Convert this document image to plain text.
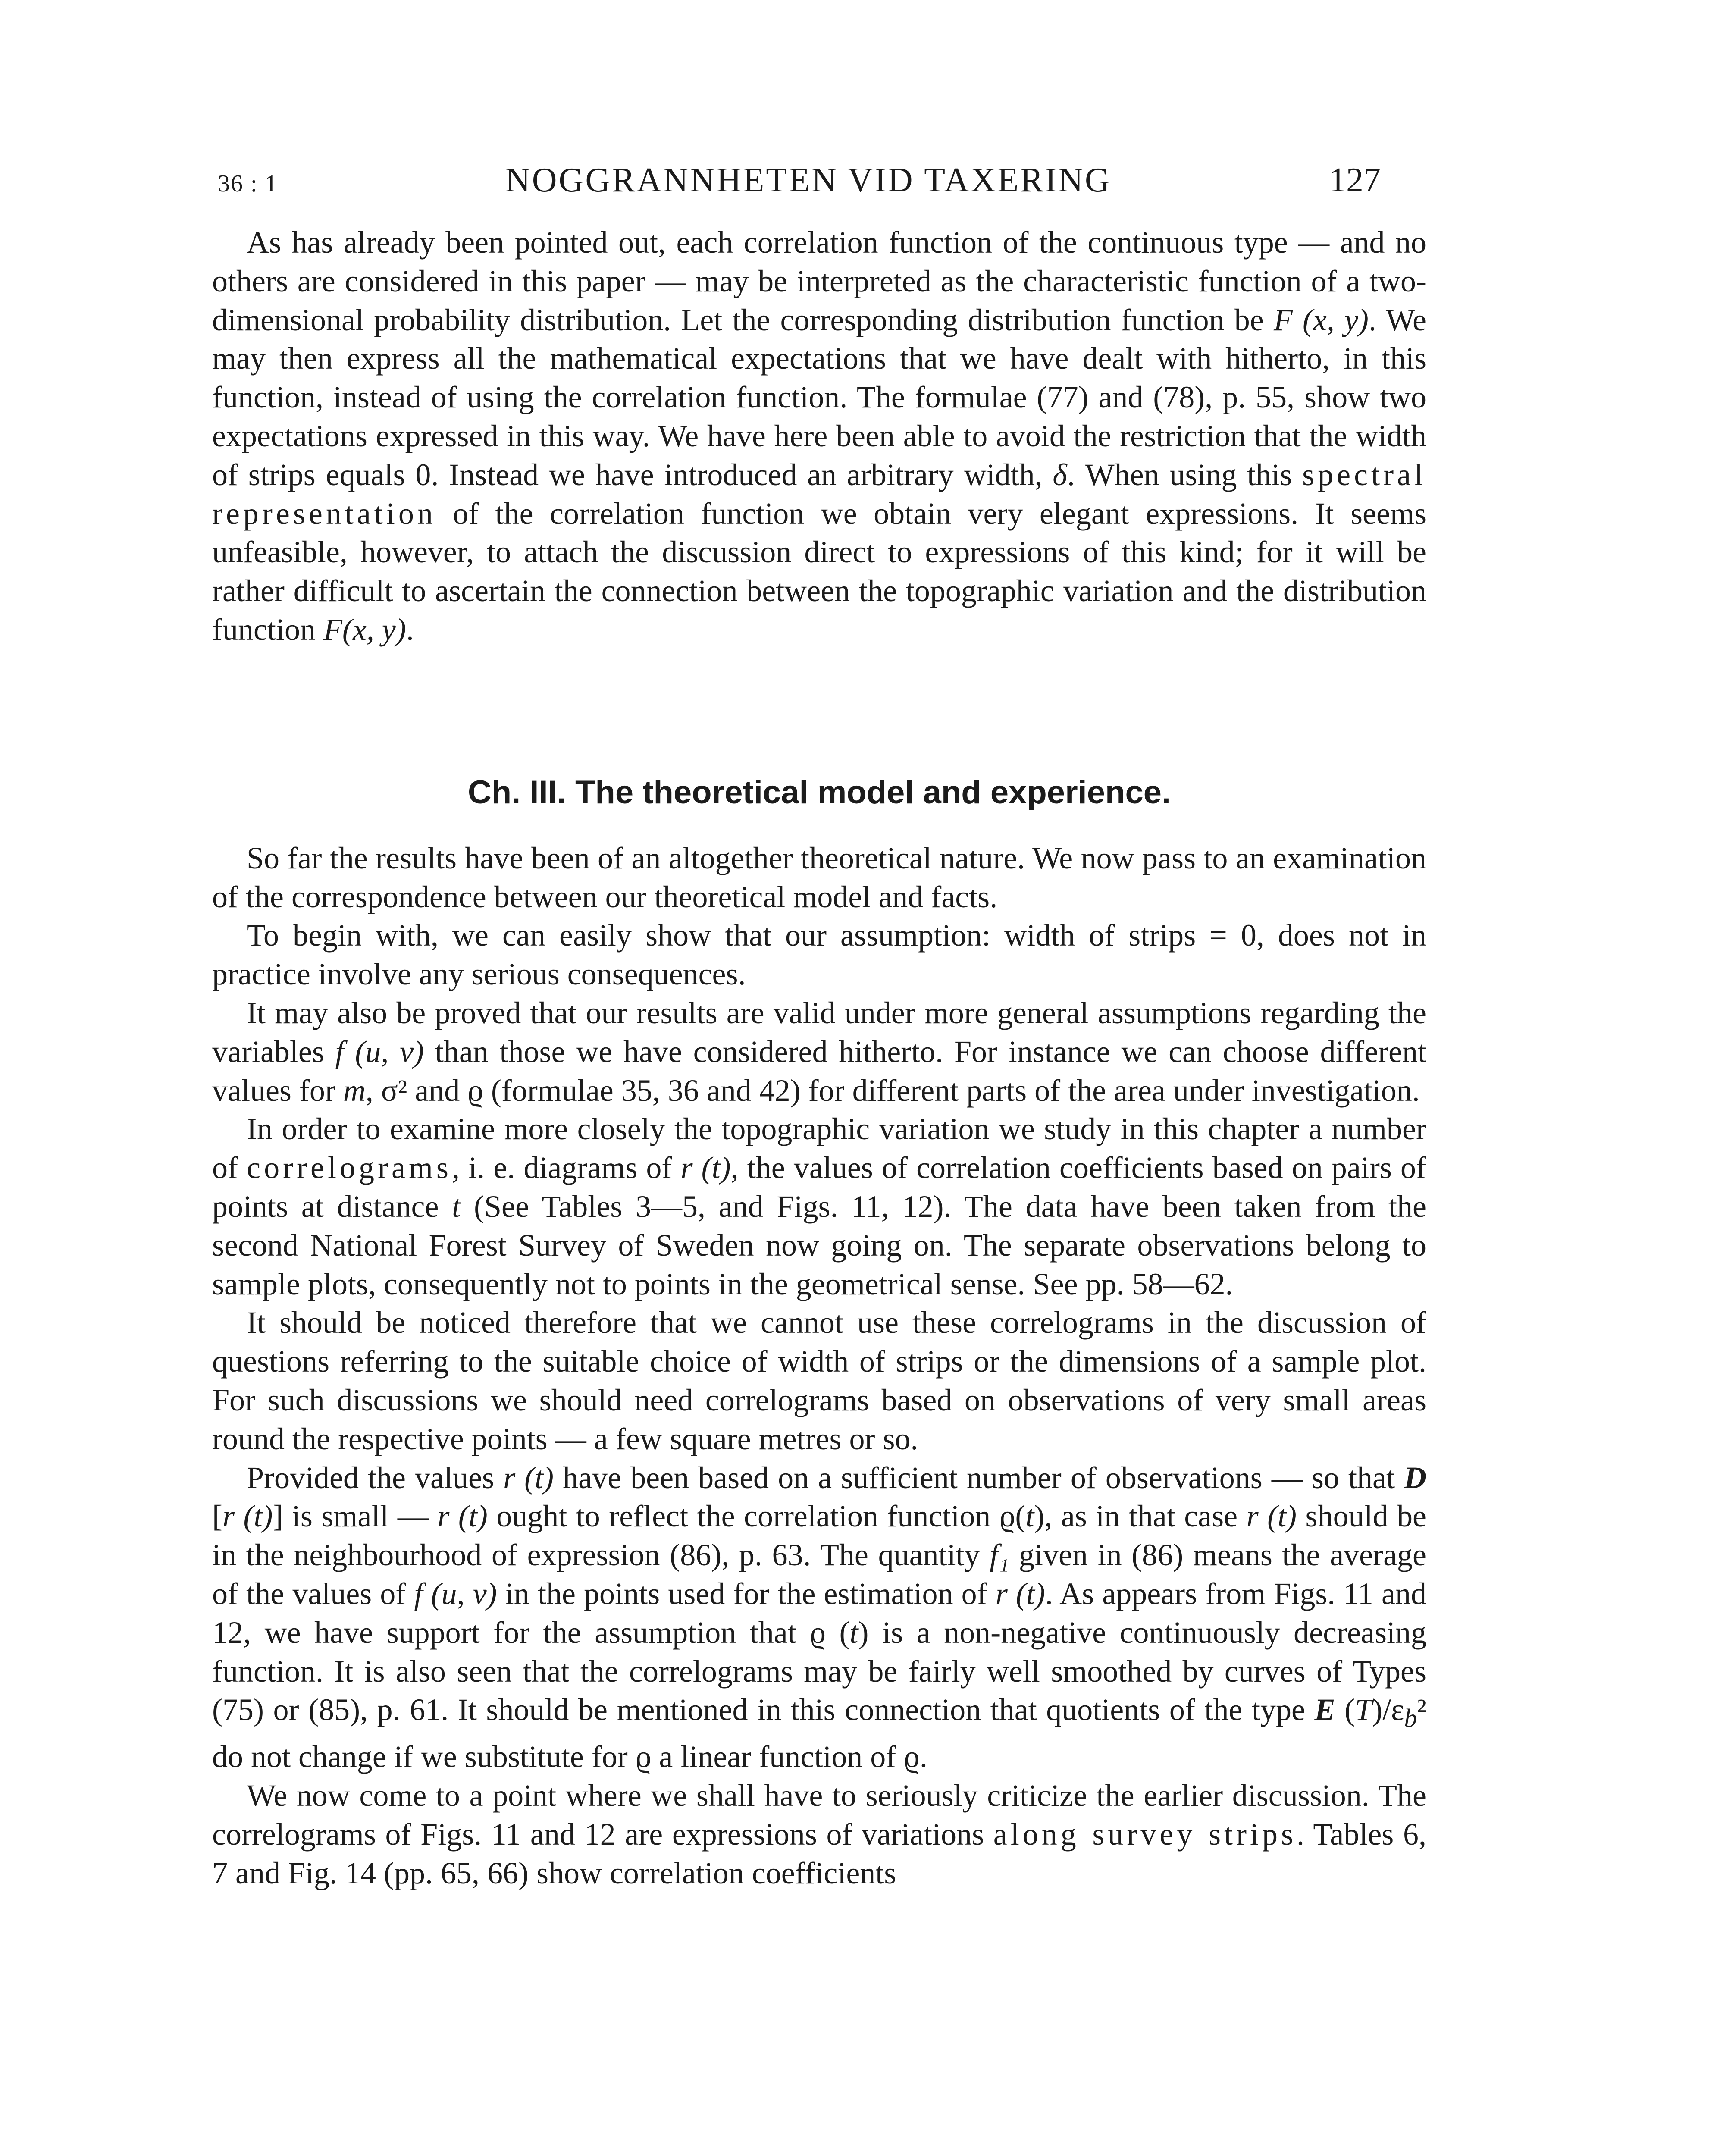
36 : 1	NOGGRANNHETEN VID TAXERING	127

As has already been pointed out, each correlation function of the continuous type — and no others are considered in this paper — may be interpreted as the characteristic function of a two-dimensional probability distribution. Let the corresponding distribution function be F (x, y). We may then express all the mathematical expectations that we have dealt with hitherto, in this function, instead of using the correlation function. The formulae (77) and (78), p. 55, show two expectations expressed in this way. We have here been able to avoid the restriction that the width of strips equals 0. Instead we have introduced an arbitrary width, δ. When using this spectral representation of the correlation function we obtain very elegant expressions. It seems unfeasible, however, to attach the discussion direct to expressions of this kind; for it will be rather difficult to ascertain the connection between the topographic variation and the distribution function F(x, y).

Ch. III. The theoretical model and experience.

So far the results have been of an altogether theoretical nature. We now pass to an examination of the correspondence between our theoretical model and facts.

To begin with, we can easily show that our assumption: width of strips = 0, does not in practice involve any serious consequences.

It may also be proved that our results are valid under more general assumptions regarding the variables f (u, v) than those we have considered hitherto. For instance we can choose different values for m, σ² and ϱ (formulae 35, 36 and 42) for different parts of the area under investigation.

In order to examine more closely the topographic variation we study in this chapter a number of correlograms, i. e. diagrams of r (t), the values of correlation coefficients based on pairs of points at distance t (See Tables 3—5, and Figs. 11, 12). The data have been taken from the second National Forest Survey of Sweden now going on. The separate observations belong to sample plots, consequently not to points in the geometrical sense. See pp. 58—62.

It should be noticed therefore that we cannot use these correlograms in the discussion of questions referring to the suitable choice of width of strips or the dimensions of a sample plot. For such discussions we should need correlograms based on observations of very small areas round the respective points — a few square metres or so.

Provided the values r (t) have been based on a sufficient number of observations — so that D [r (t)] is small — r (t) ought to reflect the correlation function ϱ(t), as in that case r (t) should be in the neighbourhood of expression (86), p. 63. The quantity f₁ given in (86) means the average of the values of f (u, v) in the points used for the estimation of r (t). As appears from Figs. 11 and 12, we have support for the assumption that ϱ (t) is a non-negative continuously decreasing function. It is also seen that the correlograms may be fairly well smoothed by curves of Types (75) or (85), p. 61. It should be mentioned in this connection that quotients of the type E $(T)/\varepsilon_b^2$ do not change if we substitute for ϱ a linear function of ϱ.

We now come to a point where we shall have to seriously criticize the earlier discussion. The correlograms of Figs. 11 and 12 are expressions of variations along survey strips. Tables 6, 7 and Fig. 14 (pp. 65, 66) show correlation coefficients
